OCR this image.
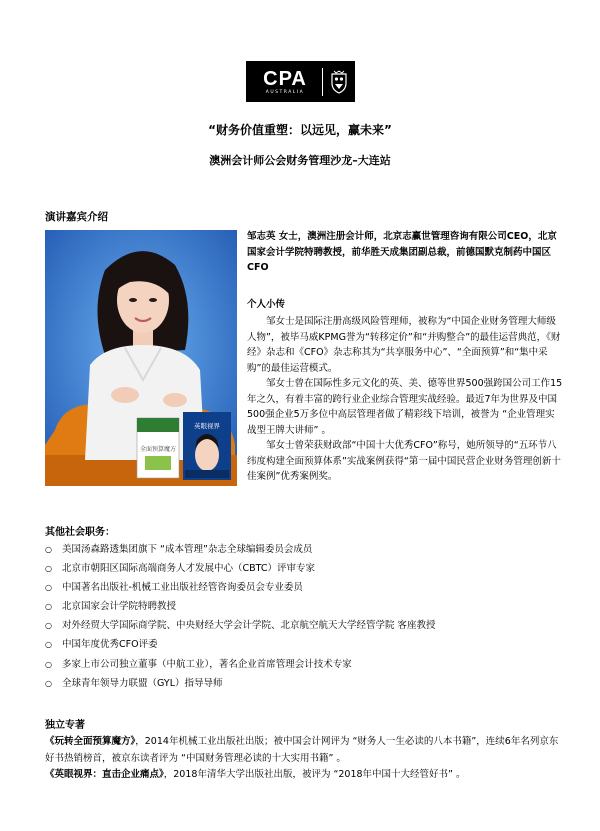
CPA
AUSTRALIA
“财务价值重塑：以远见，赢未来”
澳洲会计师公会财务管理沙龙–大连站
演讲嘉宾介绍
全面预算魔方
英眼视界
邹志英 女士，澳洲注册会计师，北京志赢世管理咨询有限公司CEO，北京国家会计学院特聘教授，前华胜天成集团副总裁，前德国默克制药中国区CFO
个人小传

邹女士是国际注册高级风险管理师，被称为“中国企业财务管理大师级人物”，被毕马威KPMG誉为“转移定价”和“并购整合”的最佳运营典范，《财经》杂志和《CFO》杂志称其为“共享服务中心”、“全面预算”和“集中采购”的最佳运营模式。

邹女士曾在国际性多元文化的英、美、德等世界500强跨国公司工作15年之久，有着丰富的跨行业企业综合管理实战经验。最近7年为世界及中国500强企业5万多位中高层管理者做了精彩线下培训，被誉为 “企业管理实战型王牌大讲师” 。

邹女士曾荣获财政部“中国十大优秀CFO”称号，她所领导的“五环节八纬度构建全面预算体系”实战案例获得“第一届中国民营企业财务管理创新十佳案例”优秀案例奖。

其他社会职务：
○ 美国汤森路透集团旗下 “成本管理”杂志全球编辑委员会成员
○ 北京市朝阳区国际高端商务人才发展中心（CBTC）评审专家
○ 中国著名出版社-机械工业出版社经管咨询委员会专业委员
○ 北京国家会计学院特聘教授
○ 对外经贸大学国际商学院、中央财经大学会计学院、北京航空航天大学经管学院 客座教授
○ 中国年度优秀CFO评委
○ 多家上市公司独立董事（中航工业），著名企业首席管理会计技术专家
○ 全球青年领导力联盟（GYL）指导导师
独立专著

《玩转全面预算魔方》，2014年机械工业出版社出版；被中国会计网评为 “财务人一生必读的八本书籍”，连续6年名列京东好书热销榜首，被京东读者评为 “中国财务管理必读的十大实用书籍” 。

《英眼视界：直击企业痛点》，2018年清华大学出版社出版，被评为 “2018年中国十大经管好书” 。
